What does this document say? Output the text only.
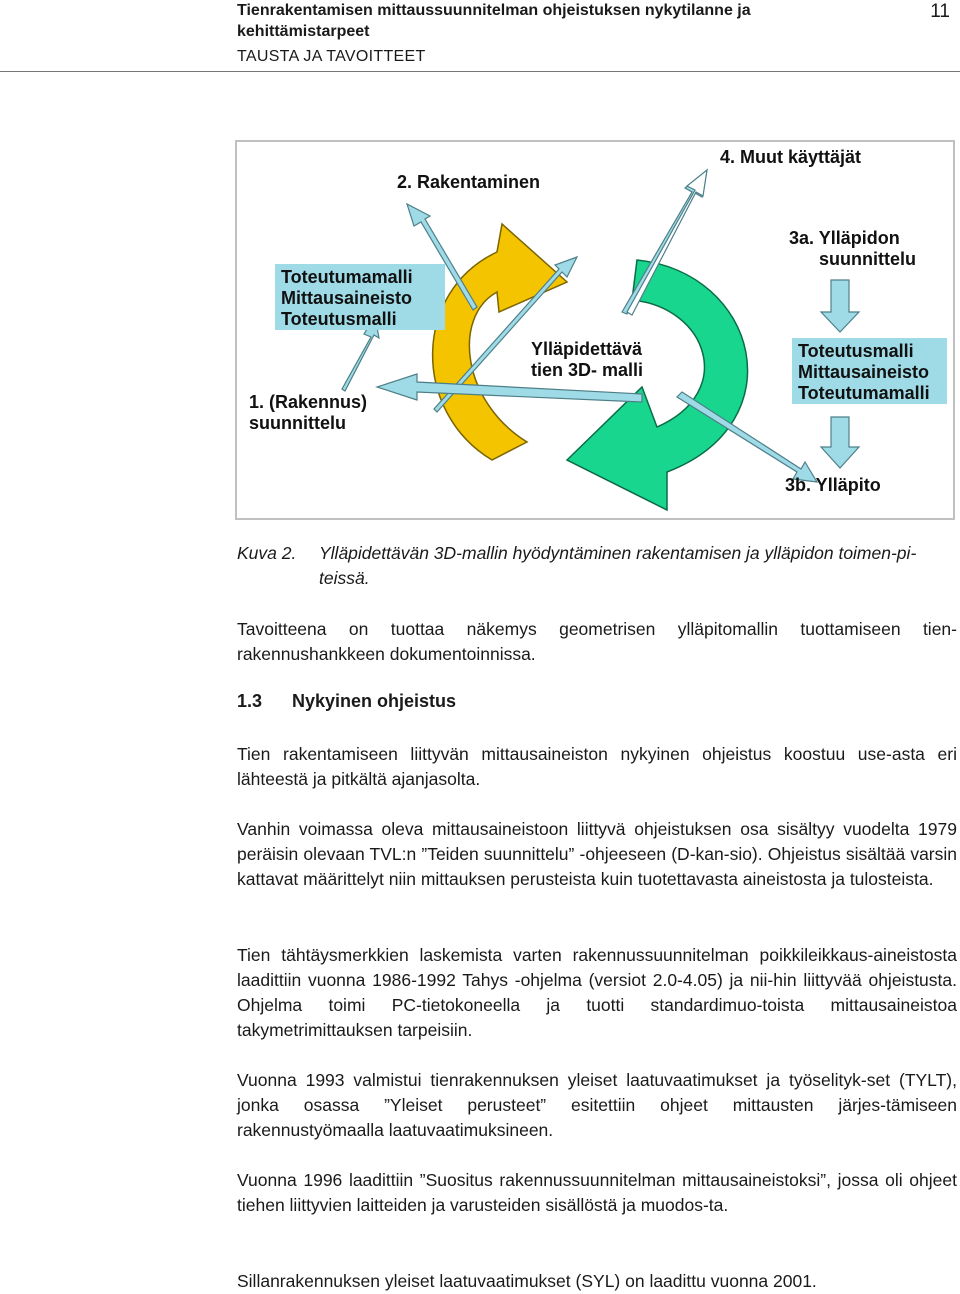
Tienrakentamisen mittaussuunnitelman ohjeistuksen nykytilanne ja
kehittämistarpeet
TAUSTA JA TAVOITTEET
11
2. Rakentaminen
4. Muut käyttäjät
3a. Ylläpidon
suunnittelu
1. (Rakennus)
suunnittelu
3b. Ylläpito
Ylläpidettävä
tien 3D- malli
Toteutumamalli
Mittausaineisto
Toteutusmalli
Toteutusmalli
Mittausaineisto
Toteutumamalli
Kuva 2. Ylläpidettävän 3D-mallin hyödyntäminen rakentamisen ja ylläpidon toimen-piteissä.
Tavoitteena on tuottaa näkemys geometrisen ylläpitomallin tuottamiseen tien-rakennushankkeen dokumentoinnissa.
1.3 Nykyinen ohjeistus
Tien rakentamiseen liittyvän mittausaineiston nykyinen ohjeistus koostuu use-asta eri lähteestä ja pitkältä ajanjasolta.
Vanhin voimassa oleva mittausaineistoon liittyvä ohjeistuksen osa sisältyy vuodelta 1979 peräisin olevaan TVL:n ”Teiden suunnittelu” -ohjeeseen (D-kan-sio). Ohjeistus sisältää varsin kattavat määrittelyt niin mittauksen perusteista kuin tuotettavasta aineistosta ja tulosteista.
Tien tähtäysmerkkien laskemista varten rakennussuunnitelman poikkileikkaus-aineistosta laadittiin vuonna 1986-1992 Tahys -ohjelma (versiot 2.0-4.05) ja nii-hin liittyvää ohjeistusta. Ohjelma toimi PC-tietokoneella ja tuotti standardimuo-toista mittausaineistoa takymetrimittauksen tarpeisiin.
Vuonna 1993 valmistui tienrakennuksen yleiset laatuvaatimukset ja työselityk-set (TYLT), jonka osassa ”Yleiset perusteet” esitettiin ohjeet mittausten järjes-tämiseen rakennustyömaalla laatuvaatimuksineen.
Vuonna 1996 laadittiin ”Suositus rakennussuunnitelman mittausaineistoksi”, jossa oli ohjeet tiehen liittyvien laitteiden ja varusteiden sisällöstä ja muodos-ta.
Sillanrakennuksen yleiset laatuvaatimukset (SYL) on laadittu vuonna 2001.
